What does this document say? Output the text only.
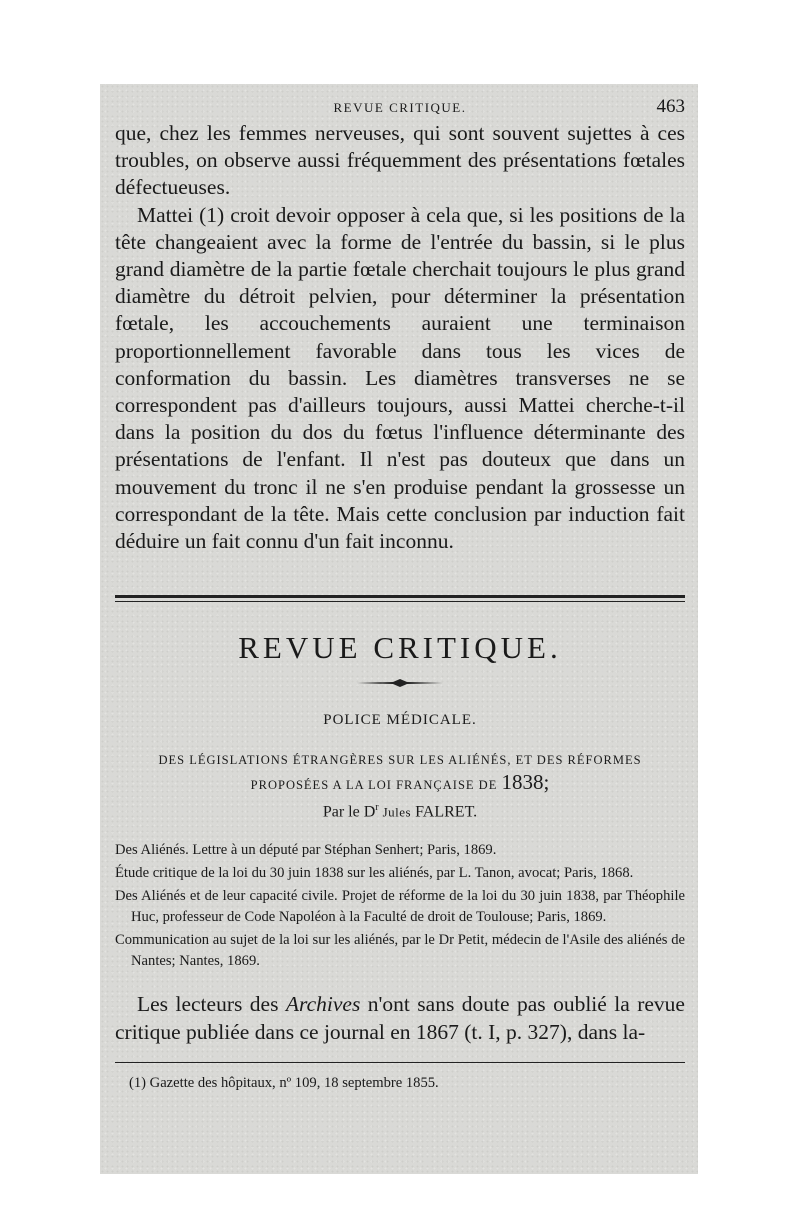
REVUE CRITIQUE.	463

que, chez les femmes nerveuses, qui sont souvent sujettes à ces troubles, on observe aussi fréquemment des présentations fœtales défectueuses.

Mattei (1) croit devoir opposer à cela que, si les positions de la tête changeaient avec la forme de l'entrée du bassin, si le plus grand diamètre de la partie fœtale cherchait toujours le plus grand diamètre du détroit pelvien, pour déterminer la présentation fœtale, les accouchements auraient une terminaison proportionnellement favorable dans tous les vices de conformation du bassin. Les diamètres transverses ne se correspondent pas d'ailleurs toujours, aussi Mattei cherche-t-il dans la position du dos du fœtus l'influence déterminante des présentations de l'enfant. Il n'est pas douteux que dans un mouvement du tronc il ne s'en produise pendant la grossesse un correspondant de la tête. Mais cette conclusion par induction fait déduire un fait connu d'un fait inconnu.

REVUE CRITIQUE.
POLICE MÉDICALE.
DES LÉGISLATIONS ÉTRANGÈRES SUR LES ALIÉNÉS, ET DES RÉFORMES
PROPOSÉES A LA LOI FRANÇAISE DE 1838;
Par le $D^r$ Jules FALRET.

Des Aliénés. Lettre à un député par Stéphan Senhert; Paris, 1869.

Étude critique de la loi du 30 juin 1838 sur les aliénés, par L. Tanon, avocat; Paris, 1868.

Des Aliénés et de leur capacité civile. Projet de réforme de la loi du 30 juin 1838, par Théophile Huc, professeur de Code Napoléon à la Faculté de droit de Toulouse; Paris, 1869.

Communication au sujet de la loi sur les aliénés, par le Dr Petit, médecin de l'Asile des aliénés de Nantes; Nantes, 1869.

Les lecteurs des Archives n'ont sans doute pas oublié la revue critique publiée dans ce journal en 1867 (t. I, p. 327), dans la-

(1) Gazette des hôpitaux, nº 109, 18 septembre 1855.
